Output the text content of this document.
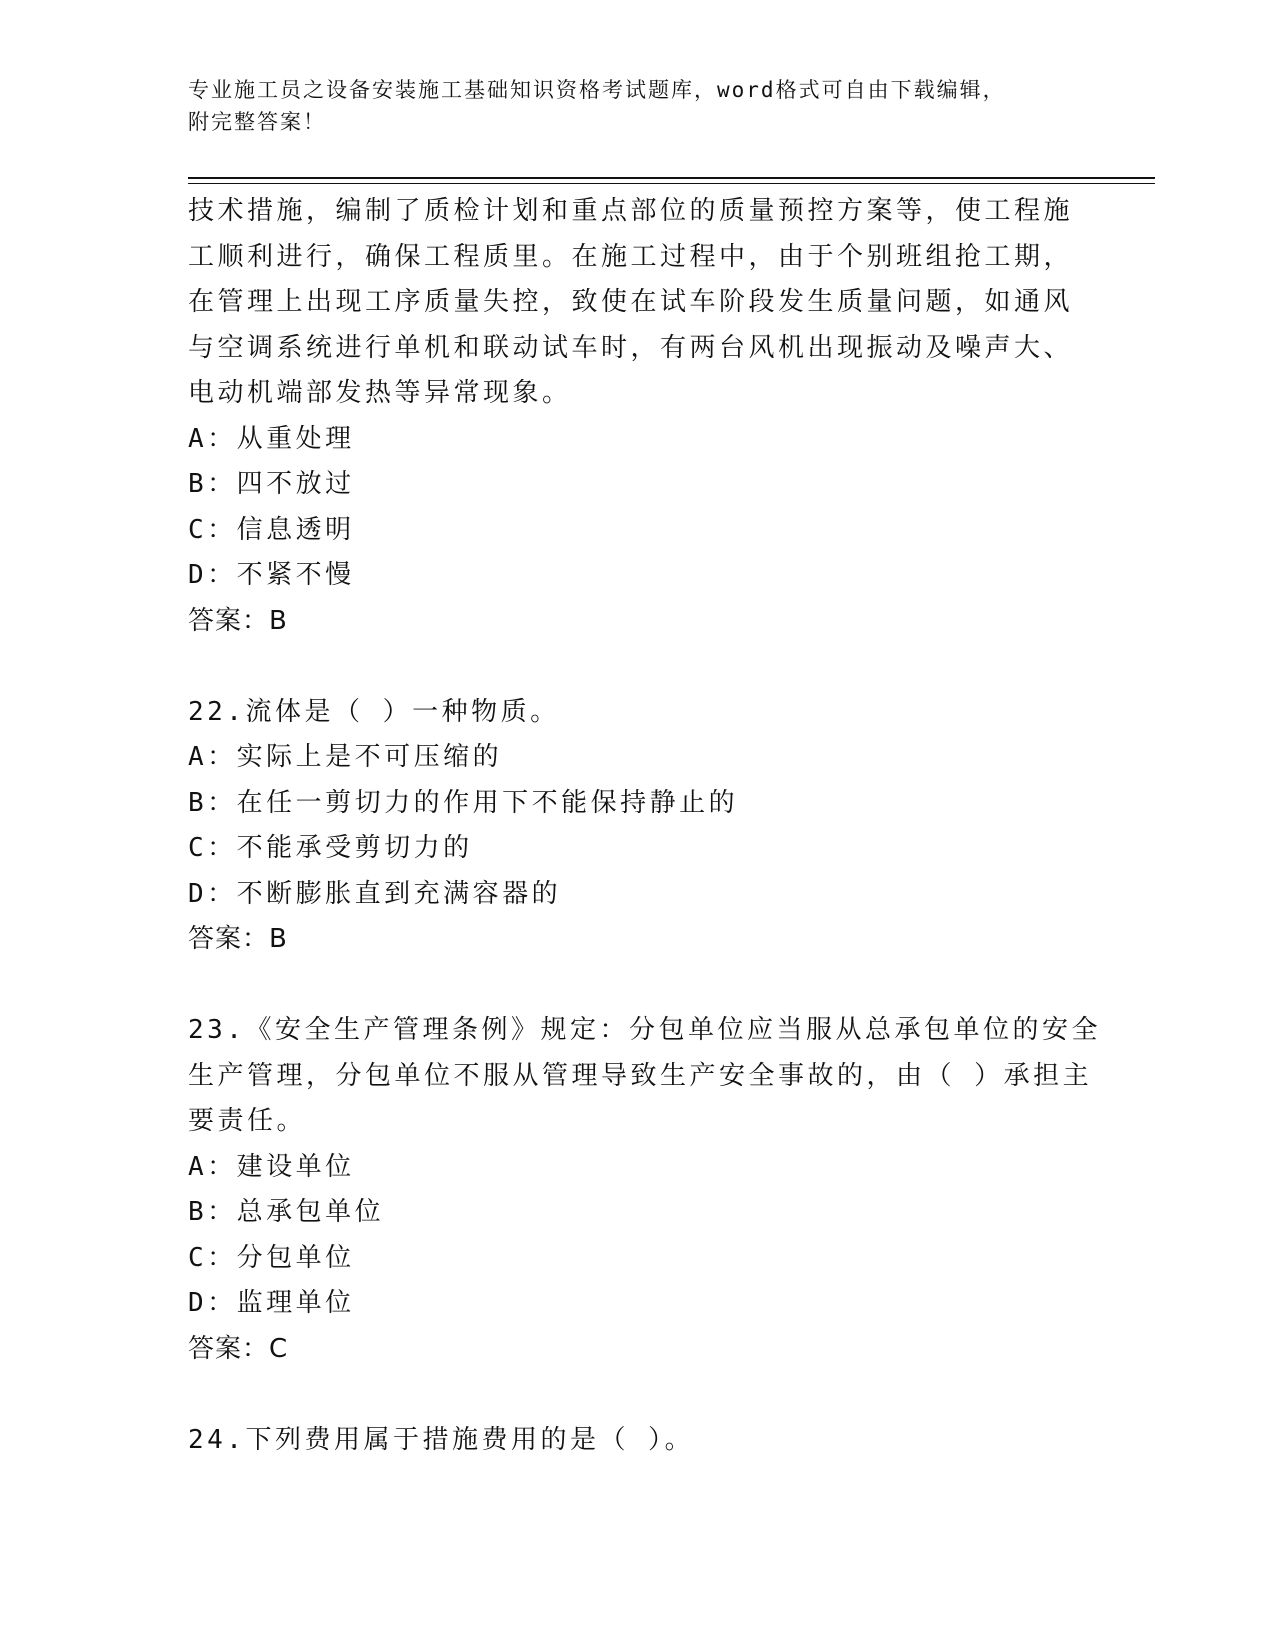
专业施工员之设备安装施工基础知识资格考试题库，word格式可自由下载编辑，
附完整答案！
技术措施，编制了质检计划和重点部位的质量预控方案等，使工程施
工顺利进行，确保工程质里。在施工过程中，由于个别班组抢工期，
在管理上出现工序质量失控，致使在试车阶段发生质量问题，如通风
与空调系统进行单机和联动试车时，有两台风机出现振动及噪声大、
电动机端部发热等异常现象。
A：从重处理
B：四不放过
C：信息透明
D：不紧不慢
答案：B
22.流体是（ ）一种物质。
A：实际上是不可压缩的
B：在任一剪切力的作用下不能保持静止的
C：不能承受剪切力的
D：不断膨胀直到充满容器的
答案：B
23.《安全生产管理条例》规定：分包单位应当服从总承包单位的安全
生产管理，分包单位不服从管理导致生产安全事故的，由（ ）承担主
要责任。
A：建设单位
B：总承包单位
C：分包单位
D：监理单位
答案：C
24.下列费用属于措施费用的是（ ）。
